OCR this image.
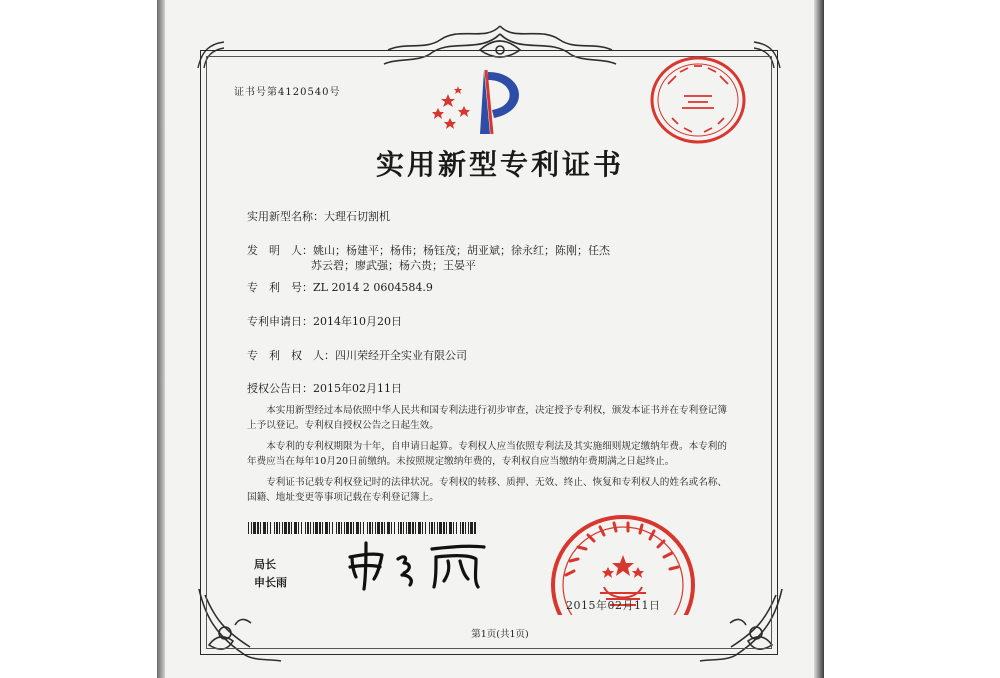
证书号第4120540号
实用新型专利证书
实用新型名称：大理石切割机
发　明　人：姚山；杨建平；杨伟；杨钰茂；胡亚斌；徐永红；陈刚；任杰
苏云碧；廖武强；杨六贵；王晏平
专　利　号：ZL 2014 2 0604584.9
专利申请日：2014年10月20日
专　利　权　人：四川荣经开全实业有限公司
授权公告日：2015年02月11日

本实用新型经过本局依照中华人民共和国专利法进行初步审查，决定授予专利权，颁发本证书并在专利登记簿上予以登记。专利权自授权公告之日起生效。

本专利的专利权期限为十年，自申请日起算。专利权人应当依照专利法及其实施细则规定缴纳年费。本专利的年费应当在每年10月20日前缴纳。未按照规定缴纳年费的，专利权自应当缴纳年费期满之日起终止。

专利证书记载专利权登记时的法律状况。专利权的转移、质押、无效、终止、恢复和专利权人的姓名或名称、国籍、地址变更等事项记载在专利登记簿上。

局长
申长雨
2015年02月11日
第1页(共1页)
